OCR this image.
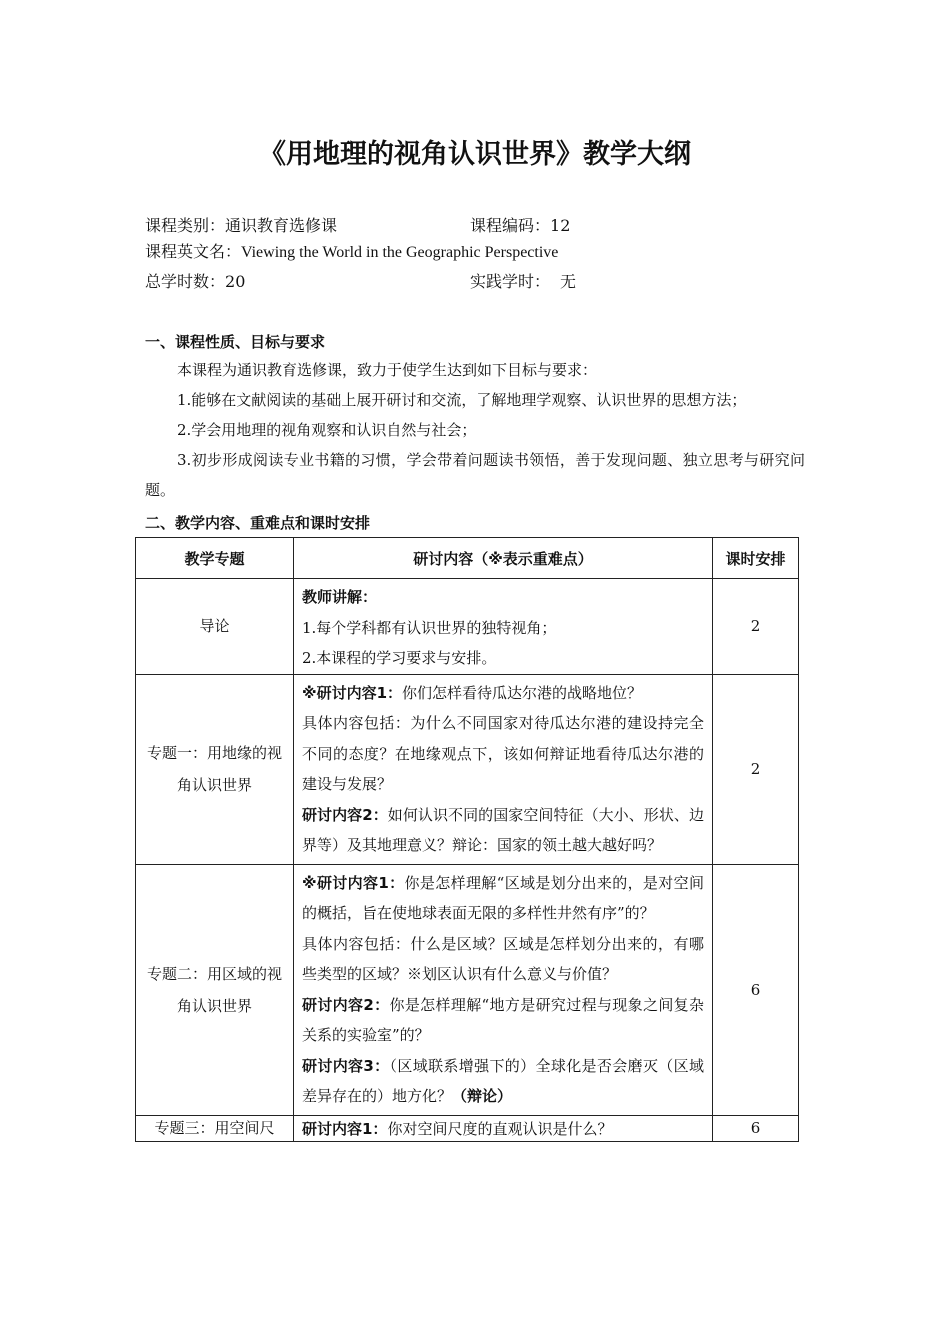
《用地理的视角认识世界》教学大纲
课程类别：通识教育选修课	课程编码：12
课程英文名：Viewing the World in the Geographic Perspective
总学时数：20	实践学时： 无
一、课程性质、目标与要求

本课程为通识教育选修课，致力于使学生达到如下目标与要求：

1.能够在文献阅读的基础上展开研讨和交流，了解地理学观察、认识世界的思想方法；

2.学会用地理的视角观察和认识自然与社会；

3.初步形成阅读专业书籍的习惯，学会带着问题读书领悟，善于发现问题、独立思考与研究问题。

二、教学内容、重难点和课时安排
教学专题	研讨内容（※表示重难点）	课时安排
导论	教师讲解：
1.每个学科都有认识世界的独特视角；
2.本课程的学习要求与安排。	2
专题一：用地缘的视角认识世界	※研讨内容1：你们怎样看待瓜达尔港的战略地位？
具体内容包括：为什么不同国家对待瓜达尔港的建设持完全不同的态度？在地缘观点下，该如何辩证地看待瓜达尔港的建设与发展？
研讨内容2：如何认识不同的国家空间特征（大小、形状、边界等）及其地理意义？辩论：国家的领土越大越好吗？	2
专题二：用区域的视角认识世界	※研讨内容1：你是怎样理解“区域是划分出来的，是对空间的概括，旨在使地球表面无限的多样性井然有序”的？
具体内容包括：什么是区域？区域是怎样划分出来的，有哪些类型的区域？※划区认识有什么意义与价值？
研讨内容2：你是怎样理解“地方是研究过程与现象之间复杂关系的实验室”的？
研讨内容3：（区域联系增强下的）全球化是否会磨灭（区域差异存在的）地方化？（辩论）	6
专题三：用空间尺	研讨内容1：你对空间尺度的直观认识是什么？	6
